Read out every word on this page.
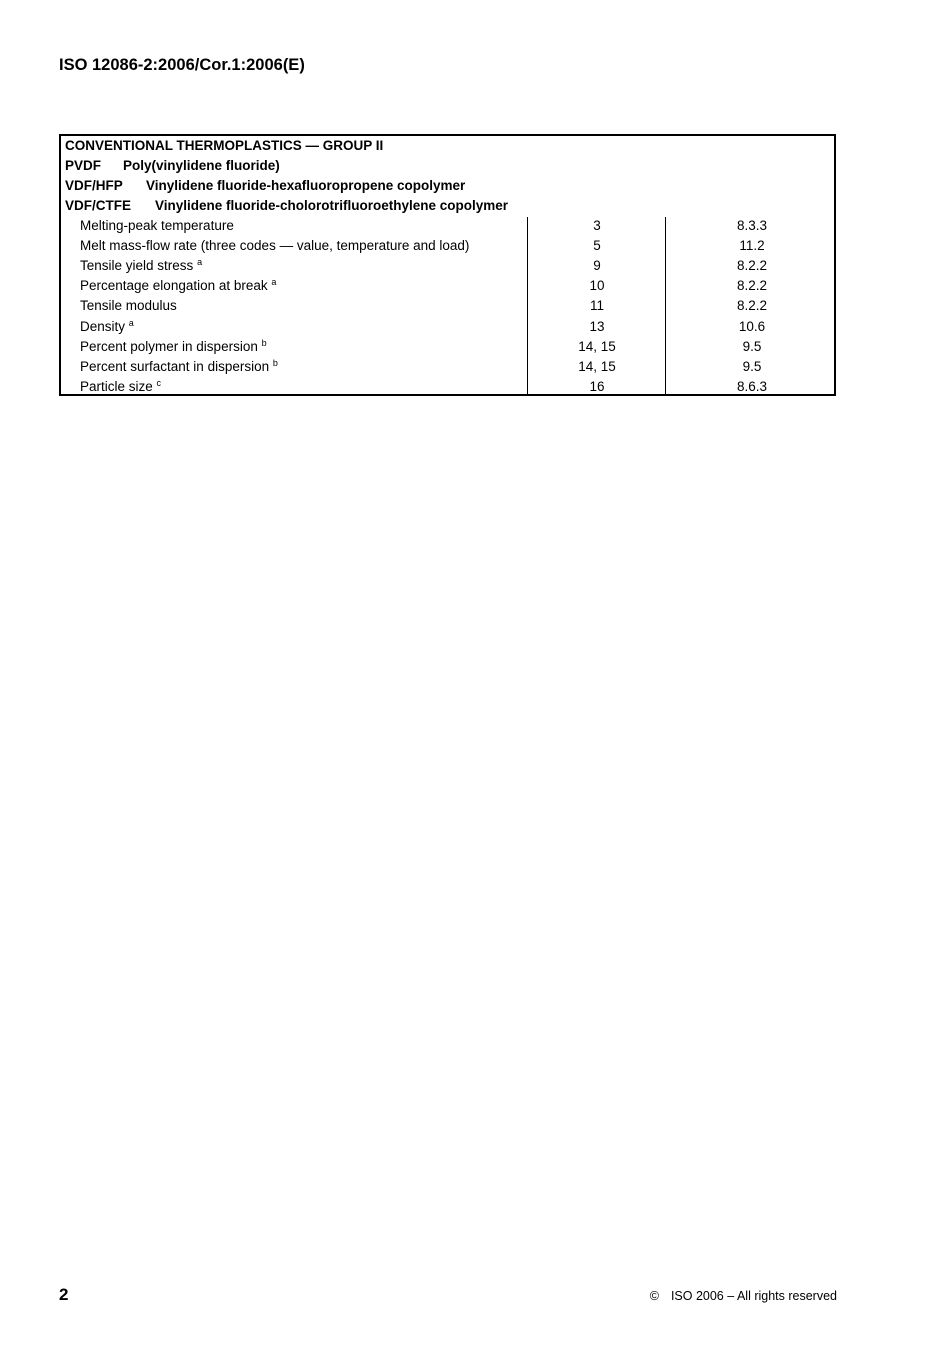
ISO 12086-2:2006/Cor.1:2006(E)
CONVENTIONAL THERMOPLASTICS — GROUP II
PVDF Poly(vinylidene fluoride)
VDF/HFP Vinylidene fluoride-hexafluoropropene copolymer
VDF/CTFE Vinylidene fluoride-cholorotrifluoroethylene copolymer
Melting-peak temperature	3	8.3.3
Melt mass-flow rate (three codes — value, temperature and load)	5	11.2
Tensile yield stress $^a$	9	8.2.2
Percentage elongation at break $^a$	10	8.2.2
Tensile modulus	11	8.2.2
Density $^a$	13	10.6
Percent polymer in dispersion $^b$	14, 15	9.5
Percent surfactant in dispersion $^b$	14, 15	9.5
Particle size $^c$	16	8.6.3
2	© ISO 2006 – All rights reserved
